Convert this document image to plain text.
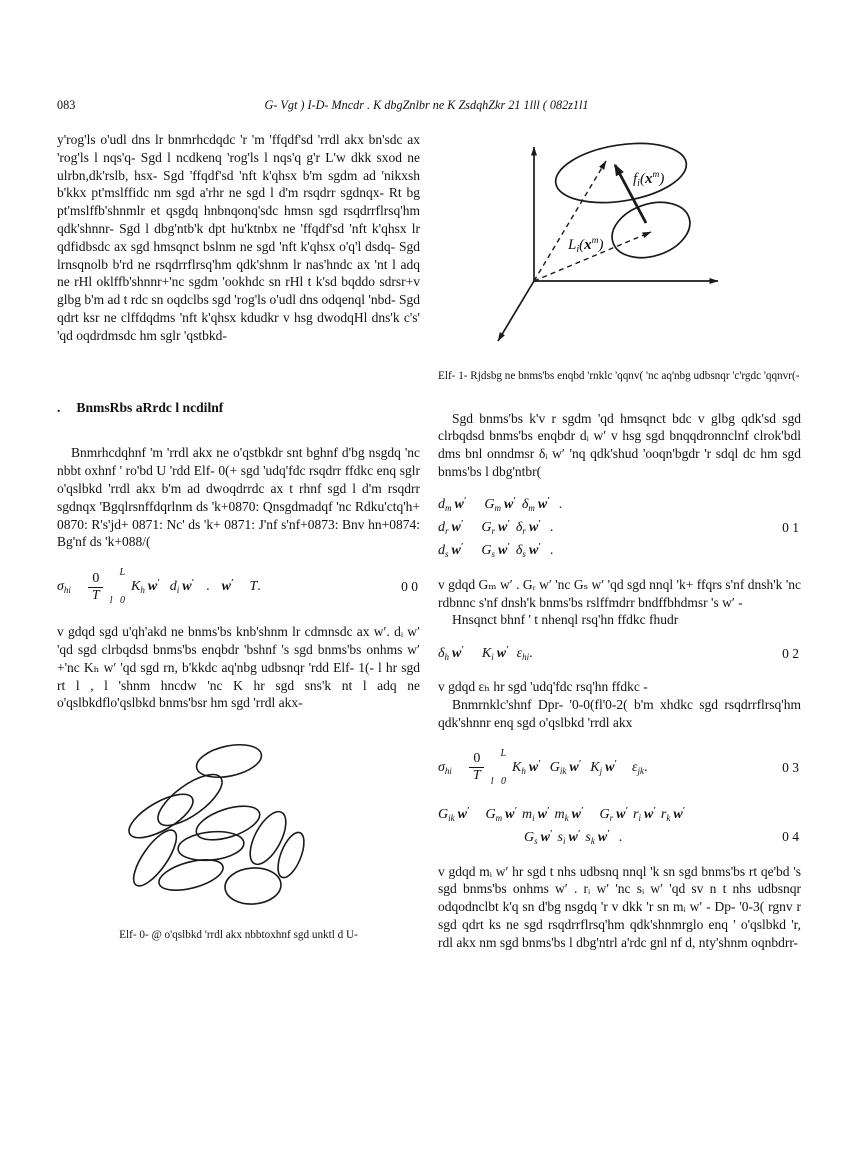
083	G- Vgt ) I-D- Mncdr . K dbgZnlbr ne K ZsdqhZkr 21 1lll ( 082z1l1

y'rog'ls o'udl dns lr bnmrhcdqdc 'r 'm 'ffqdf'sd 'rrdl akx bn'sdc ax 'rog'ls l nqs'q- Sgd l ncdkenq 'rog'ls l nqs'q g'r L'w dkk sxod ne ulrbn,dk'rslb, hsx- Sgd 'ffqdf'sd 'nft k'qhsx b'm sgdm ad 'nikxsh b'kkx pt'mslffidc nm sgd a'rhr ne sgd l d'm rsqdrr sgdnqx- Rt bg pt'mslffb'shnmlr et qsgdq hnbnqonq'sdc hmsn sgd rsqdrrflrsq'hm qdk'shnnr- Sgd l dbg'ntb'k dpt hu'ktnbx ne 'ffqdf'sd 'nft k'qhsx lr qdfidbsdc ax sgd hmsqnct bslnm ne sgd 'nft k'qhsx o'q'l dsdq- Sgd lrnsqnolb b'rd ne rsqdrrflrsq'hm qdk'shnm lr nas'hndc ax 'nt l adq ne rHl oklffb'shnnr+'nc sgdm 'ookhdc sn rHl t k'sd bqddo sdrsr+v glbg b'm ad t rdc sn oqdclbs sgd 'rog'ls o'udl dns odqenql 'nbd- Sgd qdrt ksr ne clffdqdms 'nft k'qhsx kdudkr v hsg dwodqHl dns'k c's' 'qd oqdrdmsdc hm sglr 'qstbkd-

. BnmsRbs aRrdc l ncdilnf

Bnmrhcdqhnf 'm 'rrdl akx ne o'qstbkdr snt bghnf d'bg nsgdq 'nc nbbt oxhnf ' ro'bd U 'rdd Elf- 0(+ sgd 'udq'fdc rsqdrr ffdkc enq sglr o'qslbkd 'rrdl akx b'm ad dwoqdrrdc ax t rhnf sgd l d'm rsqdrr sgdnqx 'Bgqlrsnffdqrlnm ds 'k+0870: Qnsgdmadqf 'nc Rdku'ctq'h+ 0870: R's'jd+ 0871: Nc' ds 'k+ 0871: J'nf s'nf+0873: Bnv hn+0874: Bg'nf ds 'k+088/(

$\sigma_{hi} \frac{0}{T}$ L
l   0
$K_h$ w′ $d_i$ w′ . w′ T .	0 0

v gdqd sgd u'qh'akd ne bnms'bs knb'shnm lr cdmnsdc ax w′. dᵢ w′ 'qd sgd clrbqdsd bnms'bs enqbdr 'bshnf 's sgd bnms'bs onhms w′+'nc Kₕ w′ 'qd sgd rn, b'kkdc aq'nbg udbsnqr 'rdd Elf- 1(- l hr sgd rt l , l 'shnm hncdw 'nc K hr sgd sns'k nt l adq ne o'qslbkdflo'qslbkd bnms'bsr hm sgd 'rrdl akx-

Elf- 0- @ o'qslbkd 'rrdl akx nbbtoxhnf sgd unktl d U-

$f_i(x^m)$
$L_i(x^m)$

Elf- 1- Rjdsbg ne bnms'bs enqbd 'rnklc 'qqnv( 'nc aq'nbg udbsnqr 'c'rgdc 'qqnvr(-

Sgd bnms'bs k'v r sgdm 'qd hmsqnct bdc v glbg qdk'sd sgd clrbqdsd bnms'bs enqbdr dᵢ w′ v hsg sgd bnqqdronnclnf clrok'bdl dms bnl onndmsr δᵢ w′ 'nq qdk'shud 'ooqn'bgdr 'r sdql dc hm sgd bnms'bs l dbg'ntbr(

$d_m$ w′ $G_m$ w′ $\delta_m$ w′ .
$d_r$ w′ $G_r$ w′ $\delta_r$ w′ .
$d_s$ w′ $G_s$ w′ $\delta_s$ w′ .
0 1

v gdqd Gₘ w′ . Gᵣ w′ 'nc Gₛ w′ 'qd sgd nnql 'k+ ffqrs s'nf dnsh'k 'nc rdbnnc s'nf dnsh'k bnms'bs rslffmdrr bndffbhdmsr 's w′ -

Hnsqnct bhnf ' t nhenql rsq'hn ffdkc fhudr

$\delta_h$ w′ $K_i$ w′ $\varepsilon_{hi}$ .	0 2

v gdqd εₕ hr sgd 'udq'fdc rsq'hn ffdkc -

Bnmrnklc'shnf Dpr- '0-0(fl'0-2( b'm xhdkc sgd rsqdrrflrsq'hm qdk'shnnr enq sgd o'qslbkd 'rrdl akx

$\sigma_{hi} \frac{0}{T}$ L
l   0
$K_h$ w′ $G_{ik}$ w′ $K_j$ w′ $\varepsilon_{jk}$ .	0 3
$G_{ik}$ w′ $G_m$ w′ $m_i$ w′ $m_k$ w′ $G_r$ w′ $r_i$ w′ $r_k$ w′
$G_s$ w′ $s_i$ w′ $s_k$ w′ .	0 4

v gdqd mᵢ w′ hr sgd t nhs udbsnq nnql 'k sn sgd bnms'bs rt qe'bd 's sgd bnms'bs onhms w′ . rᵢ w′ 'nc sᵢ w′ 'qd sv n t nhs udbsnqr odqodnclbt k'q sn d'bg nsgdq 'r v dkk 'r sn mᵢ w′ - Dp- '0-3( rgnv r sgd qdrt ks ne sgd rsqdrrflrsq'hm qdk'shnmrglo enq ' o'qslbkd 'r, rdl akx nm sgd bnms'bs l dbg'ntrl a'rdc gnl nf d, nty'shnm oqnbdrr-
